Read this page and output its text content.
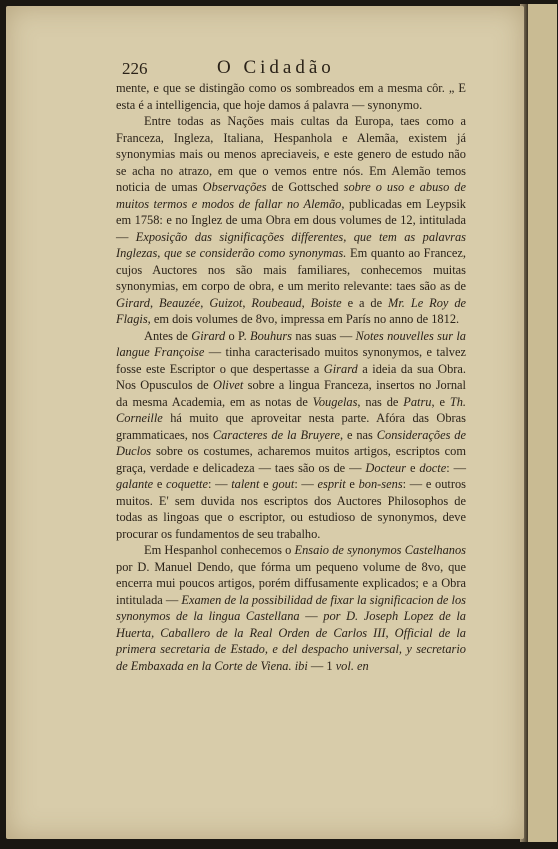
226	O Cidadão

mente, e que se distingão como os sombreados em a mesma côr. „ E esta é a intelligencia, que hoje damos á palavra — synonymo.

Entre todas as Nações mais cultas da Europa, taes como a Franceza, Ingleza, Italiana, Hespanhola e Alemãa, existem já synonymias mais ou menos apreciaveis, e este genero de estudo não se acha no atrazo, em que o vemos entre nós. Em Alemão temos noticia de umas Observações de Gottsched sobre o uso e abuso de muitos termos e modos de fallar no Alemão, publicadas em Leypsik em 1758: e no Inglez de uma Obra em dous volumes de 12, intitulada — Exposição das significações differentes, que tem as palavras Inglezas, que se considerão como synonymas. Em quanto ao Francez, cujos Auctores nos são mais familiares, conhecemos muitas synonymias, em corpo de obra, e um merito relevante: taes são as de Girard, Beauzée, Guizot, Roubeaud, Boiste e a de Mr. Le Roy de Flagis, em dois volumes de 8vo, impressa em París no anno de 1812.

Antes de Girard o P. Bouhurs nas suas — Notes nouvelles sur la langue Françoise — tinha caracterisado muitos synonymos, e talvez fosse este Escriptor o que despertasse a Girard a ideia da sua Obra. Nos Opusculos de Olivet sobre a lingua Franceza, insertos no Jornal da mesma Academia, em as notas de Vougelas, nas de Patru, e Th. Corneille há muito que aproveitar nesta parte. Afóra das Obras grammaticaes, nos Caracteres de la Bruyere, e nas Considerações de Duclos sobre os costumes, acharemos muitos artigos, escriptos com graça, verdade e delicadeza — taes são os de — Docteur e docte: — galante e coquette: — talent e gout: — esprit e bon-sens: — e outros muitos. E' sem duvida nos escriptos dos Auctores Philosophos de todas as lingoas que o escriptor, ou estudioso de synonymos, deve procurar os fundamentos de seu trabalho.

Em Hespanhol conhecemos o Ensaio de synonymos Castelhanos por D. Manuel Dendo, que fórma um pequeno volume de 8vo, que encerra mui poucos artigos, porém diffusamente explicados; e a Obra intitulada — Examen de la possibilidad de fixar la significacion de los synonymos de la lingua Castellana — por D. Joseph Lopez de la Huerta, Caballero de la Real Orden de Carlos III, Official de la primera secretaria de Estado, e del despacho universal, y secretario de Embaxada en la Corte de Viena. ibi — 1 vol. en
